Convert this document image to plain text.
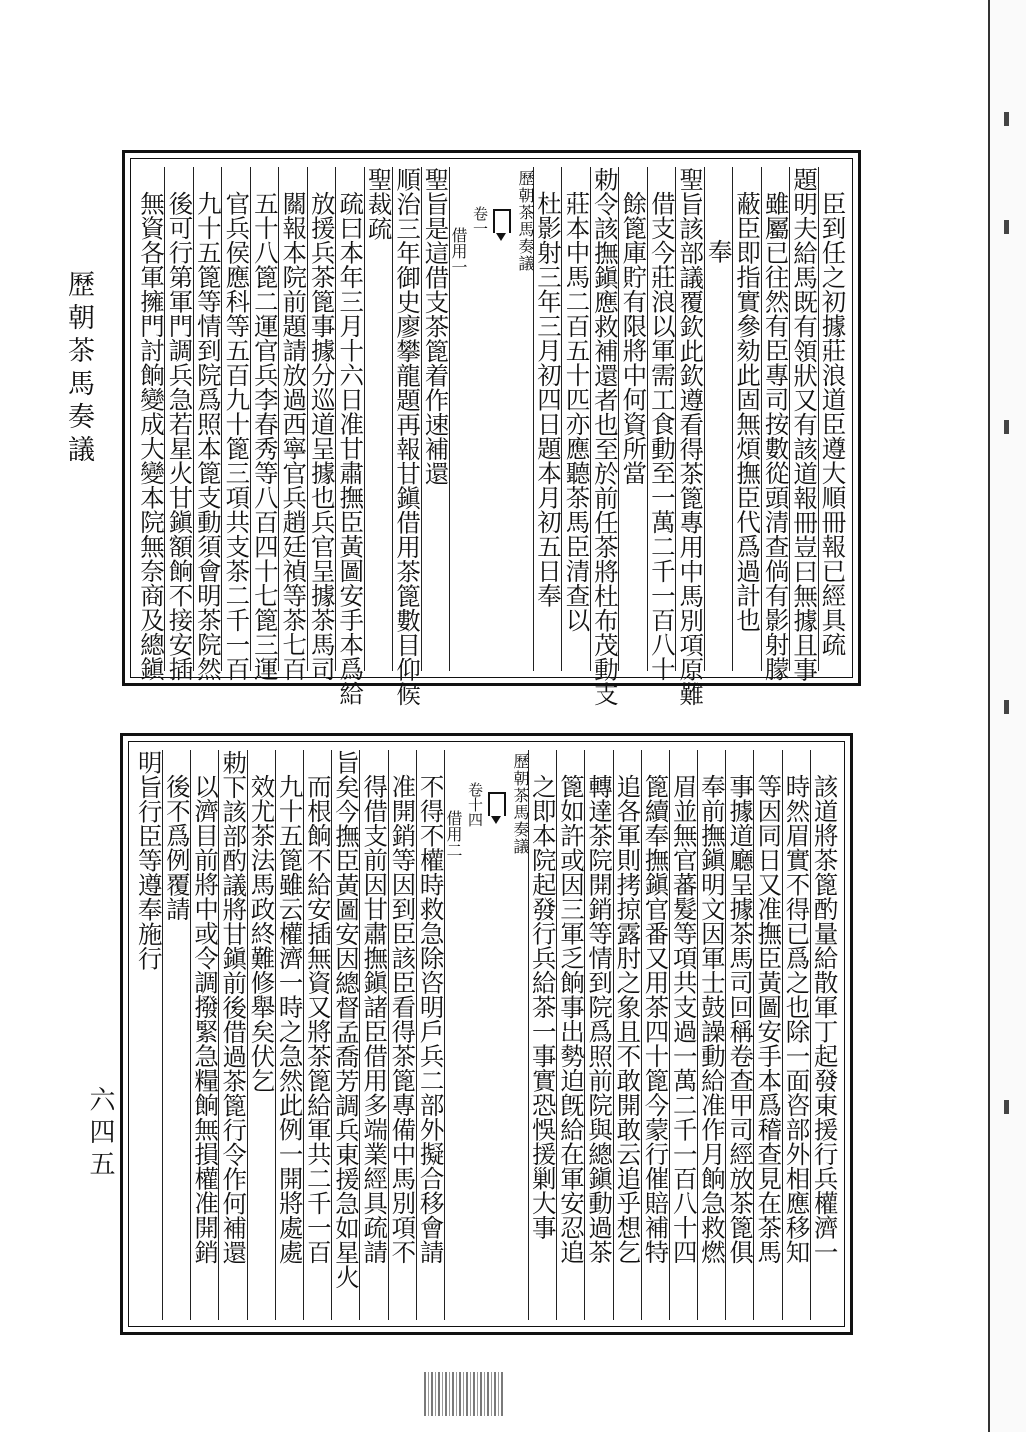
歷朝茶馬奏議
六四五
臣到任之初據莊浪道臣遵大順冊報已經具疏
題明夫給馬既有領狀又有該道報冊豈曰無據且事
雖屬已往然有臣專司按數從頭清查倘有影射朦
蔽臣即指實參劾此固無煩撫臣代爲過計也
奉
聖旨該部議覆欽此欽遵看得茶篦專用中馬別項原難
借支今莊浪以軍需工食動至一萬二千一百八十
餘篦庫貯有限將中何資所當
勅令該撫鎭應救補還者也至於前任茶將杜布茂動支
莊本中馬二百五十匹亦應聽茶馬臣清查以
杜影射三年三月初四日題本月初五日奉
歷朝茶馬奏議
卷一
借用一
聖旨是這借支茶篦着作速補還
順治三年御史廖攀龍題再報甘鎭借用茶篦數目仰候
聖裁疏
疏曰本年三月十六日准甘肅撫臣黃圖安手本爲給
放援兵茶篦事據分巡道呈據也兵官呈據茶馬司
關報本院前題請放過西寧官兵趙廷禎等茶七百
五十八篦二運官兵李春秀等八百四十七篦三運
官兵侯應科等五百九十篦三項共支茶二千一百
九十五篦等情到院爲照本篦支動須會明茶院然
後可行第軍門調兵急若星火甘鎭額餉不接安插
無資各軍擁門討餉變成大變本院無奈商及總鎭
該道將茶篦酌量給散軍丁起發東援行兵權濟一
時然眉實不得已爲之也除一面咨部外相應移知
等因同日又准撫臣黃圖安手本爲稽查見在茶馬
事據道廳呈據茶馬司回稱卷查甲司經放茶篦俱
奉前撫鎭明文因軍士鼓譟動給准作月餉急救燃
眉並無官蕃髮等項共支過一萬二千一百八十四
篦續奉撫鎭官番又用茶四十篦今蒙行催賠補特
追各軍則拷掠露肘之象且不敢開敢云追乎想乞
轉達茶院開銷等情到院爲照前院與總鎭動過茶
篦如許或因三軍乏餉事出勢迫旣給在軍安忍追
之即本院起發行兵給茶一事實恐悞援剿大事
歷朝茶馬奏議
卷十四
借用二
不得不權時救急除咨明戶兵二部外擬合移會請
准開銷等因到臣該臣看得茶篦專備中馬別項不
得借支前因甘肅撫鎭諸臣借用多端業經具疏請
旨矣今撫臣黃圖安因總督孟喬芳調兵東援急如星火
而根餉不給安插無資又將茶篦給軍共二千一百
九十五篦雖云權濟一時之急然此例一開將處處
效尤茶法馬政終難修舉矣伏乞
勅下該部酌議將甘鎭前後借過茶篦行令作何補還
以濟目前將中或令調撥緊急糧餉無損權准開銷
後不爲例覆請
明旨行臣等遵奉施行
